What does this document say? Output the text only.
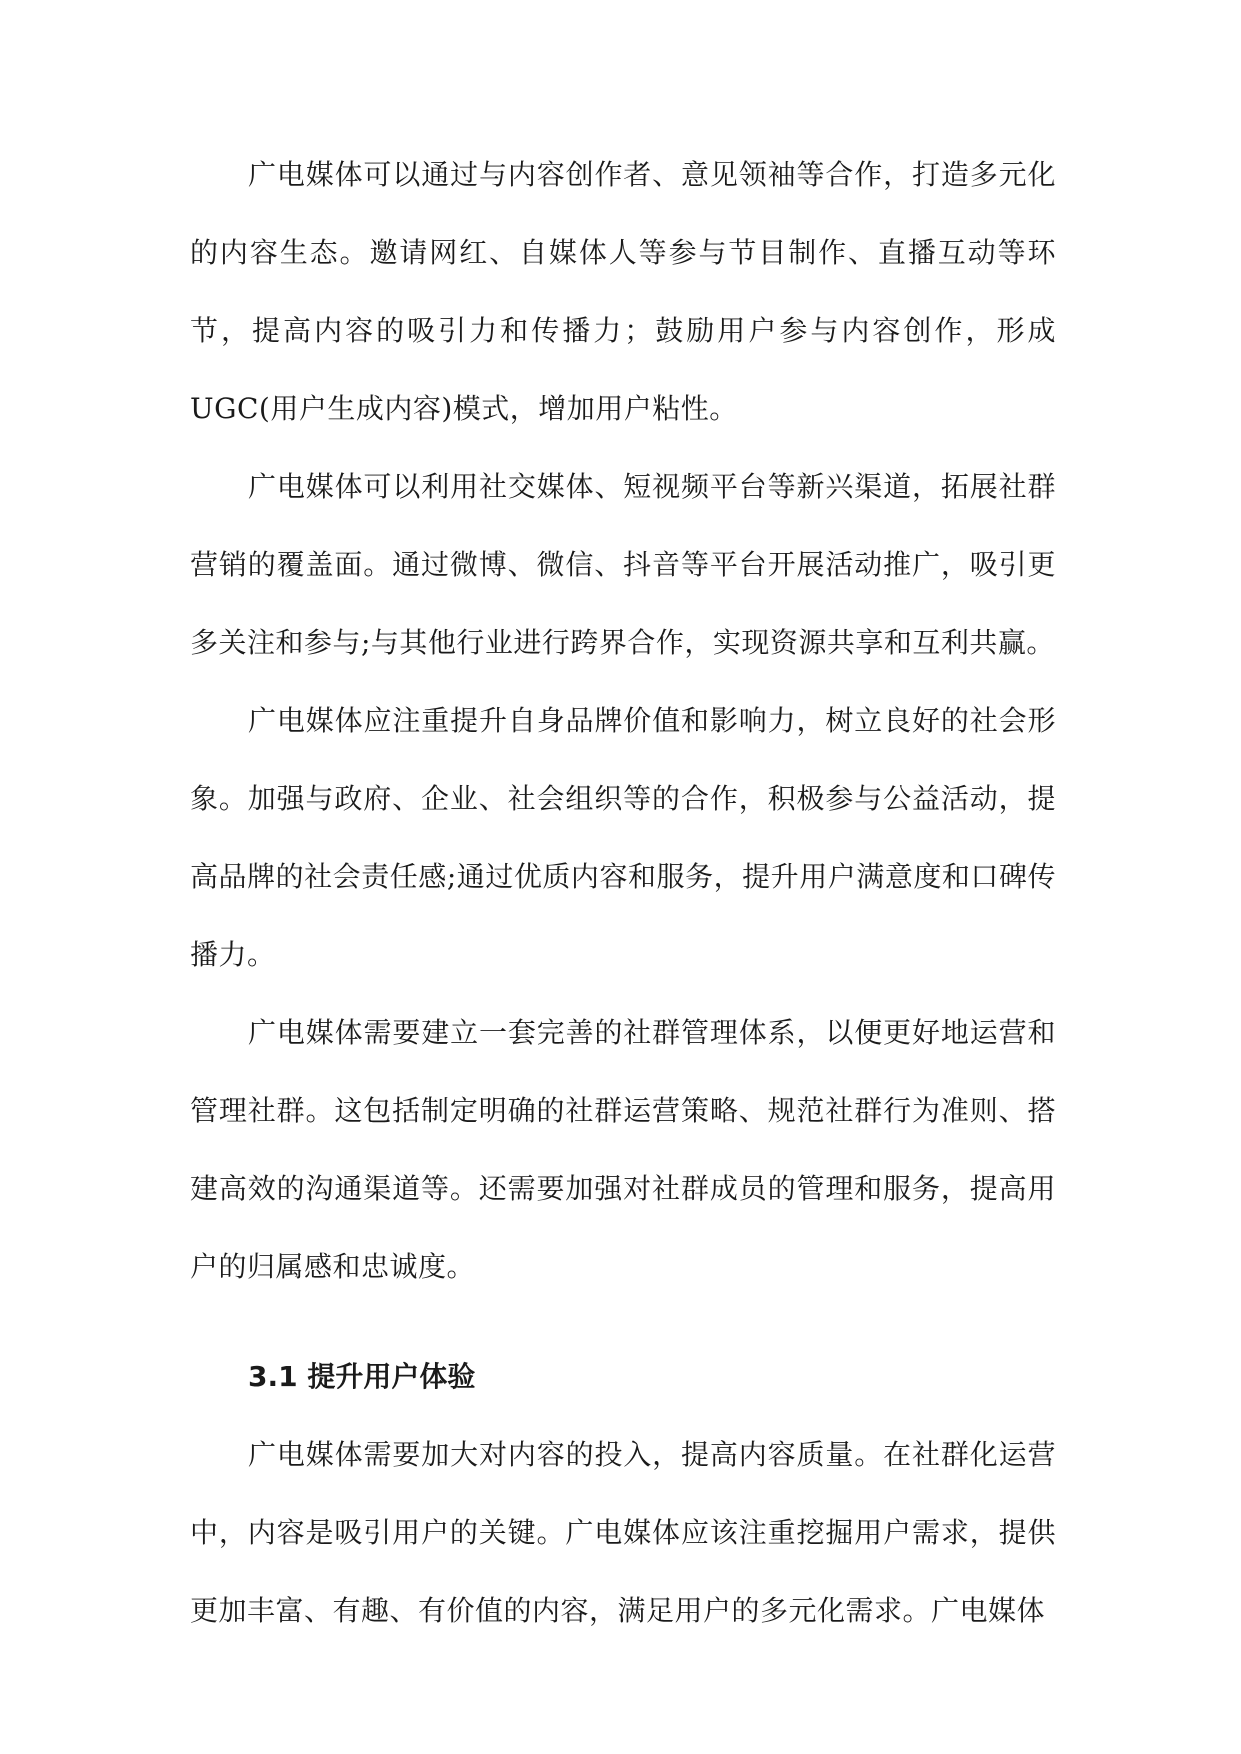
广电媒体可以通过与内容创作者、意见领袖等合作，打造多元化的内容生态。邀请网红、自媒体人等参与节目制作、直播互动等环节，提高内容的吸引力和传播力；鼓励用户参与内容创作，形成UGC(用户生成内容)模式，增加用户粘性。

广电媒体可以利用社交媒体、短视频平台等新兴渠道，拓展社群营销的覆盖面。通过微博、微信、抖音等平台开展活动推广，吸引更多关注和参与;与其他行业进行跨界合作，实现资源共享和互利共赢。

广电媒体应注重提升自身品牌价值和影响力，树立良好的社会形象。加强与政府、企业、社会组织等的合作，积极参与公益活动，提高品牌的社会责任感;通过优质内容和服务，提升用户满意度和口碑传播力。

广电媒体需要建立一套完善的社群管理体系，以便更好地运营和管理社群。这包括制定明确的社群运营策略、规范社群行为准则、搭建高效的沟通渠道等。还需要加强对社群成员的管理和服务，提高用户的归属感和忠诚度。

3.1 提升用户体验

广电媒体需要加大对内容的投入，提高内容质量。在社群化运营中，内容是吸引用户的关键。广电媒体应该注重挖掘用户需求，提供更加丰富、有趣、有价值的内容，满足用户的多元化需求。广电媒体
